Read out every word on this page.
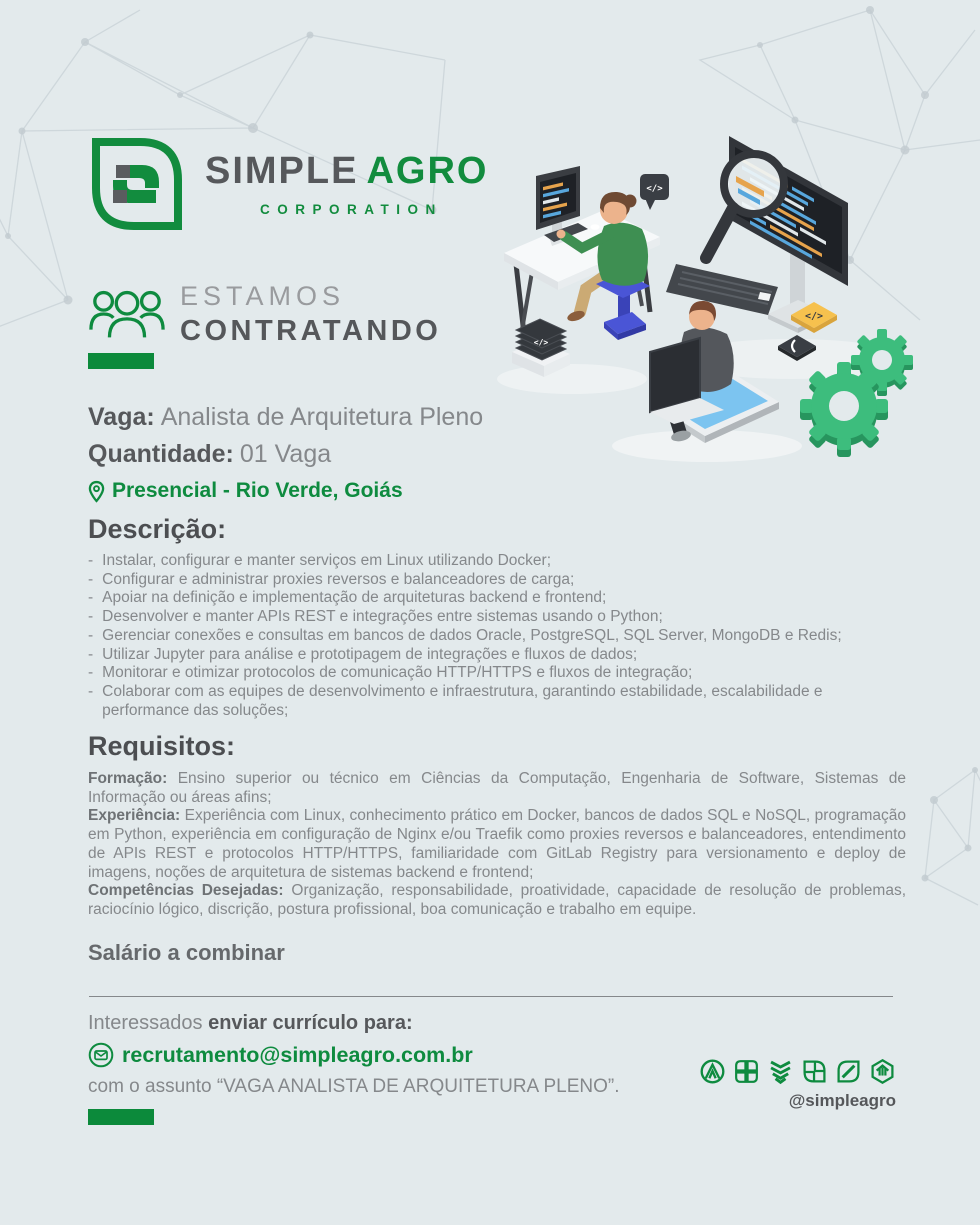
SIMPLE AGRO
CORPORATION
ESTAMOS
CONTRATANDO
Vaga: Analista de Arquitetura Pleno
Quantidade: 01 Vaga
Presencial - Rio Verde, Goiás
Descrição:
- Instalar, configurar e manter serviços em Linux utilizando Docker;
- Configurar e administrar proxies reversos e balanceadores de carga;
- Apoiar na definição e implementação de arquiteturas backend e frontend;
- Desenvolver e manter APIs REST e integrações entre sistemas usando o Python;
- Gerenciar conexões e consultas em bancos de dados Oracle, PostgreSQL, SQL Server, MongoDB e Redis;
- Utilizar Jupyter para análise e prototipagem de integrações e fluxos de dados;
- Monitorar e otimizar protocolos de comunicação HTTP/HTTPS e fluxos de integração;
- Colaborar com as equipes de desenvolvimento e infraestrutura, garantindo estabilidade, escalabilidade e performance das soluções;
Requisitos:

Formação: Ensino superior ou técnico em Ciências da Computação, Engenharia de Software, Sistemas de Informação ou áreas afins;

Experiência: Experiência com Linux, conhecimento prático em Docker, bancos de dados SQL e NoSQL, programação em Python, experiência em configuração de Nginx e/ou Traefik como proxies reversos e balanceadores, entendimento de APIs REST e protocolos HTTP/HTTPS, familiaridade com GitLab Registry para versionamento e deploy de imagens, noções de arquitetura de sistemas backend e frontend;

Competências Desejadas: Organização, responsabilidade, proatividade, capacidade de resolução de problemas, raciocínio lógico, discrição, postura profissional, boa comunicação e trabalho em equipe.

Salário a combinar
Interessados enviar currículo para:
recrutamento@simpleagro.com.br
com o assunto “VAGA ANALISTA DE ARQUITETURA PLENO”.
@simpleagro
</>
</>
</>
